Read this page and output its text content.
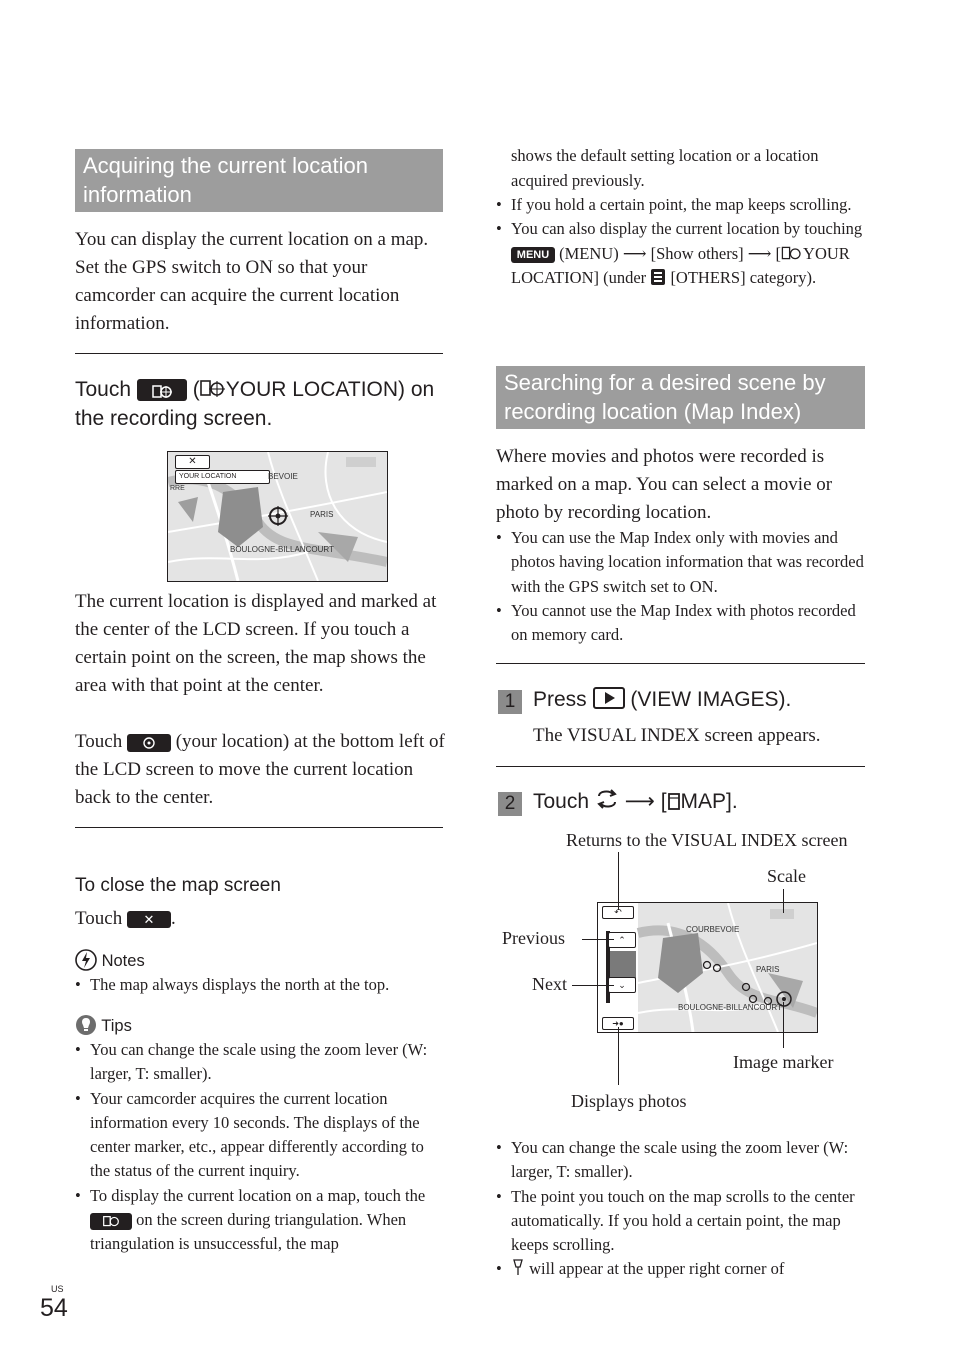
Acquiring the current location information
You can display the current location on a map. Set the GPS switch to ON so that your camcorder can acquire the current location information.
Touch	( YOUR LOCATION) on the recording screen.
✕
YOUR LOCATION	BEVOIE
PARIS
BOULOGNE-BILLANCOURT
RRE
The current location is displayed and marked at the center of the LCD screen. If you touch a certain point on the screen, the map shows the area with that point at the center.
Touch	(your location) at the bottom left of the LCD screen to move the current location back to the center.
To close the map screen
Touch ✕ .
Notes
• The map always displays the north at the top.
Tips
• You can change the scale using the zoom lever (W: larger, T: smaller).
• Your camcorder acquires the current location information every 10 seconds. The displays of the center marker, etc., appear differently according to the status of the current inquiry.
• To display the current location on a map, touch the  on the screen during triangulation. When triangulation is unsuccessful, the map
US
54
shows the default setting location or a location acquired previously.
• If you hold a certain point, the map keeps scrolling.
• You can also display the current location by touching MENU (MENU) ⟶ [Show others] ⟶ [ YOUR LOCATION] (under [OTHERS] category).
Searching for a desired scene by recording location (Map Index)
Where movies and photos were recorded is marked on a map. You can select a movie or photo by recording location.
• You can use the Map Index only with movies and photos having location information that was recorded with the GPS switch set to ON.
• You cannot use the Map Index with photos recorded on memory card.
1 Press (VIEW IMAGES).
The VISUAL INDEX screen appears.
2 Touch ⟶ [ MAP].
Returns to the VISUAL INDEX screen
Scale
Previous
Next
Image marker
Displays photos
↶
⌃
⌄
➜●
COURBEVOIE
PARIS
BOULOGNE-BILLANCOURT
• You can change the scale using the zoom lever (W: larger, T: smaller).
• The point you touch on the map scrolls to the center automatically. If you hold a certain point, the map keeps scrolling.
• will appear at the upper right corner of
